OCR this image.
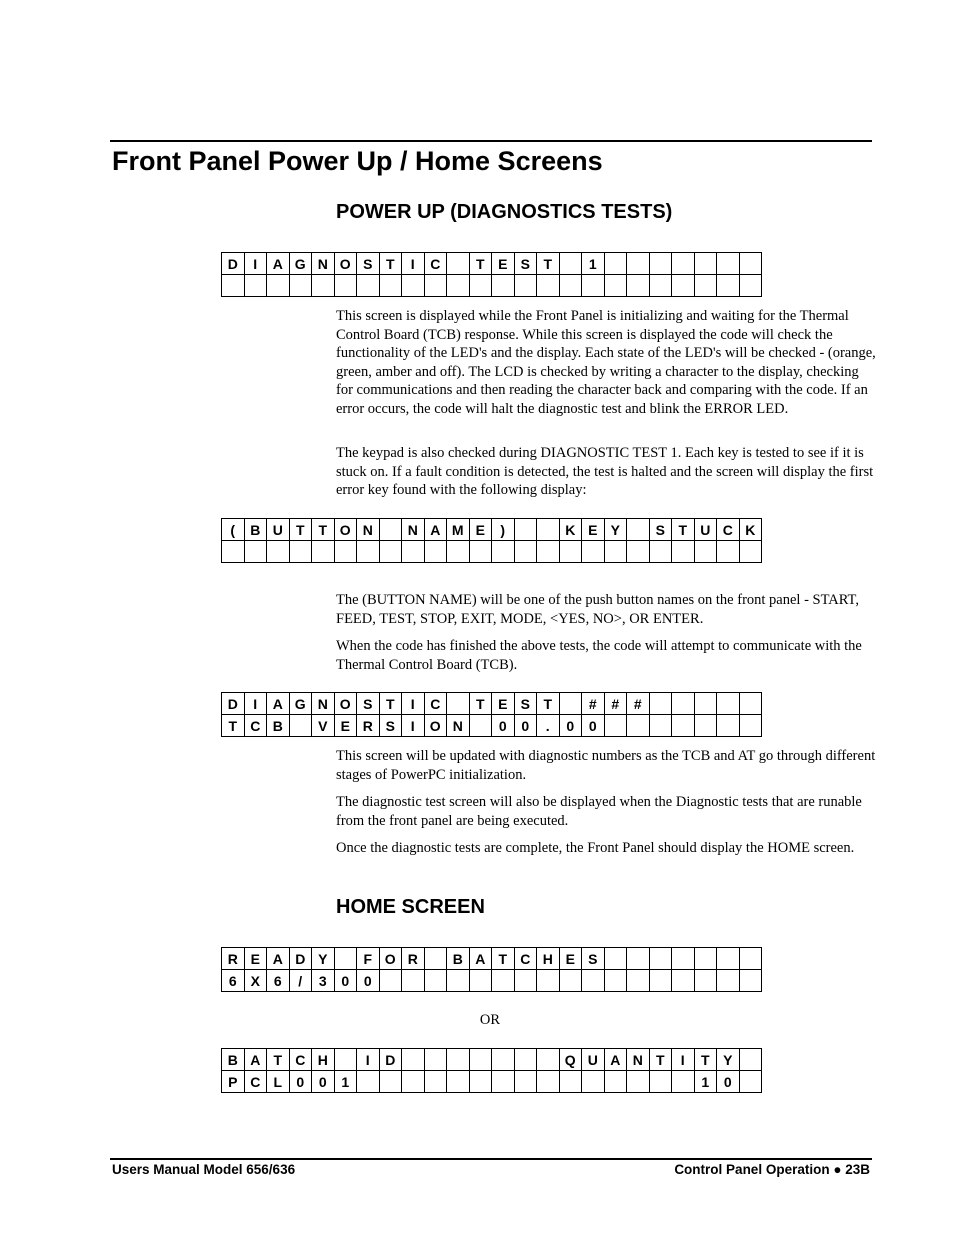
Front Panel Power Up / Home Screens
POWER UP (DIAGNOSTICS TESTS)
D	I	A	G	N	O	S	T	I	C		T	E	S	T		1							

This screen is displayed while the Front Panel is initializing and waiting for the Thermal Control Board (TCB) response. While this screen is displayed the code will check the functionality of the LED's and the display. Each state of the LED's will be checked - (orange, green, amber and off). The LCD is checked by writing a character to the display, checking for communications and then reading the character back and comparing with the code. If an error occurs, the code will halt the diagnostic test and blink the ERROR LED.

The keypad is also checked during DIAGNOSTIC TEST 1. Each key is tested to see if it is stuck on. If a fault condition is detected, the test is halted and the screen will display the first error key found with the following display:

(	B	U	T	T	O	N		N	A	M	E	)			K	E	Y		S	T	U	C	K

The (BUTTON NAME) will be one of the push button names on the front panel - START, FEED, TEST, STOP, EXIT, MODE, <YES, NO>, OR ENTER.

When the code has finished the above tests, the code will attempt to communicate with the Thermal Control Board (TCB).

D	I	A	G	N	O	S	T	I	C		T	E	S	T		#	#	#					
T	C	B		V	E	R	S	I	O	N		0	0	.	0	0							

This screen will be updated with diagnostic numbers as the TCB and AT go through different stages of PowerPC initialization.

The diagnostic test screen will also be displayed when the Diagnostic tests that are runable from the front panel are being executed.

Once the diagnostic tests are complete, the Front Panel should display the HOME screen.

HOME SCREEN
R	E	A	D	Y		F	O	R		B	A	T	C	H	E	S							
6	X	6	/	3	0	0																	
OR
B	A	T	C	H		I	D								Q	U	A	N	T	I	T	Y	
P	C	L	0	0	1																1	0	
Users Manual Model 656/636	Control Panel Operation ● 23B
